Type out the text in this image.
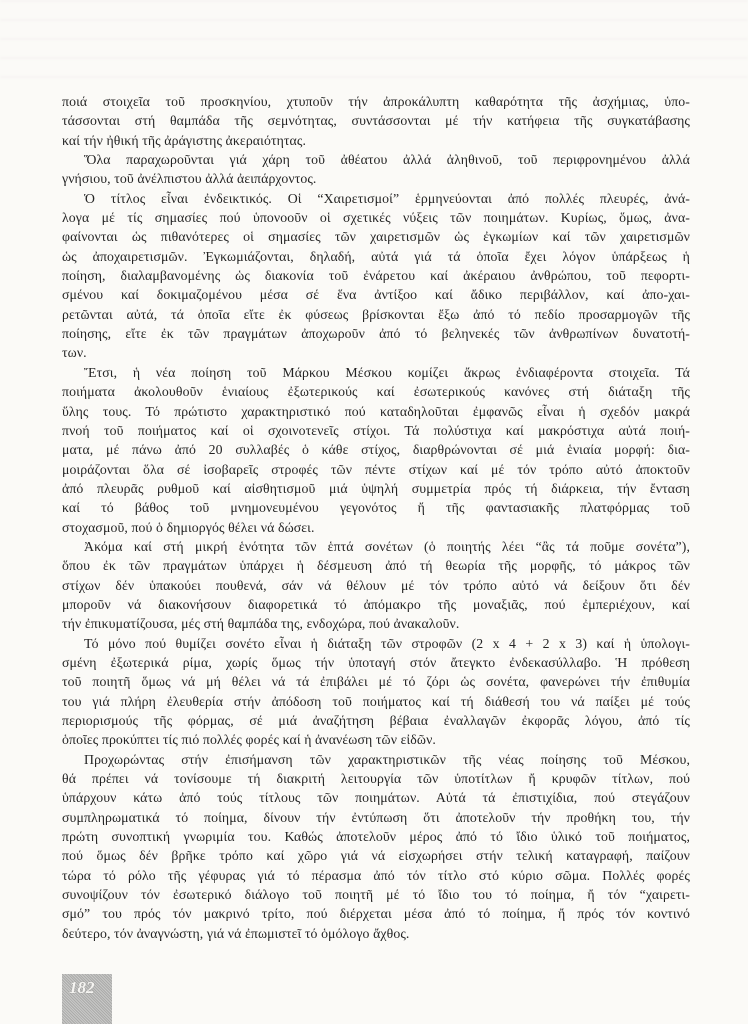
ποιά στοιχεῖα τοῦ προσκηνίου, χτυποῦν τήν ἀπροκάλυπτη καθαρότητα τῆς ἀσχήμιας, ὑπο-
τάσσονται στή θαμπάδα τῆς σεμνότητας, συντάσσονται μέ τήν κατήφεια τῆς συγκατάβασης
καί τήν ἠθική τῆς ἀράγιστης ἀκεραιότητας.
Ὅλα παραχωροῦνται γιά χάρη τοῦ ἀθέατου ἀλλά ἀληθινοῦ, τοῦ περιφρονημένου ἀλλά
γνήσιου, τοῦ ἀνέλπιστου ἀλλά ἀειπάρχοντος.
Ὁ τίτλος εἶναι ἐνδεικτικός. Οἱ “Χαιρετισμοί” ἑρμηνεύονται ἀπό πολλές πλευρές, ἀνά-
λογα μέ τίς σημασίες πού ὑπονοοῦν οἱ σχετικές νύξεις τῶν ποιημάτων. Κυρίως, ὅμως, ἀνα-
φαίνονται ὡς πιθανότερες οἱ σημασίες τῶν χαιρετισμῶν ὡς ἐγκωμίων καί τῶν χαιρετισμῶν
ὡς ἀποχαιρετισμῶν. Ἐγκωμιάζονται, δηλαδή, αὐτά γιά τά ὁποῖα ἔχει λόγον ὑπάρξεως ἡ
ποίηση, διαλαμβανομένης ὡς διακονία τοῦ ἐνάρετου καί ἀκέραιου ἀνθρώπου, τοῦ πεφορτι-
σμένου καί δοκιμαζομένου μέσα σέ ἕνα ἀντίξοο καί ἄδικο περιβάλλον, καί ἀπο-χαι-
ρετῶνται αὐτά, τά ὁποῖα εἴτε ἐκ φύσεως βρίσκονται ἔξω ἀπό τό πεδίο προσαρμογῶν τῆς
ποίησης, εἴτε ἐκ τῶν πραγμάτων ἀποχωροῦν ἀπό τό βεληνεκές τῶν ἀνθρωπίνων δυνατοτή-
των.
Ἔτσι, ἡ νέα ποίηση τοῦ Μάρκου Μέσκου κομίζει ἄκρως ἐνδιαφέροντα στοιχεῖα. Τά
ποιήματα ἀκολουθοῦν ἑνιαίους ἐξωτερικούς καί ἐσωτερικούς κανόνες στή διάταξη τῆς
ὕλης τους. Τό πρώτιστο χαρακτηριστικό πού καταδηλοῦται ἐμφανῶς εἶναι ἡ σχεδόν μακρά
πνοή τοῦ ποιήματος καί οἱ σχοινοτενεῖς στίχοι. Τά πολύστιχα καί μακρόστιχα αὐτά ποιή-
ματα, μέ πάνω ἀπό 20 συλλαβές ὁ κάθε στίχος, διαρθρώνονται σέ μιά ἑνιαία μορφή: δια-
μοιράζονται ὅλα σέ ἰσοβαρεῖς στροφές τῶν πέντε στίχων καί μέ τόν τρόπο αὐτό ἀποκτοῦν
ἀπό πλευρᾶς ρυθμοῦ καί αἰσθητισμοῦ μιά ὑψηλή συμμετρία πρός τή διάρκεια, τήν ἔνταση
καί τό βάθος τοῦ μνημονευμένου γεγονότος ἤ τῆς φαντασιακῆς πλατφόρμας τοῦ
στοχασμοῦ, πού ὁ δημιοργός θέλει νά δώσει.
Ἀκόμα καί στή μικρή ἑνότητα τῶν ἑπτά σονέτων (ὁ ποιητής λέει “ἂς τά ποῦμε σονέτα”),
ὅπου ἐκ τῶν πραγμάτων ὑπάρχει ἡ δέσμευση ἀπό τή θεωρία τῆς μορφῆς, τό μάκρος τῶν
στίχων δέν ὑπακούει πουθενά, σάν νά θέλουν μέ τόν τρόπο αὐτό νά δείξουν ὅτι δέν
μποροῦν νά διακονήσουν διαφορετικά τό ἀπόμακρο τῆς μοναξιᾶς, πού ἐμπεριέχουν, καί
τήν ἐπικυματίζουσα, μές στή θαμπάδα της, ενδοχώρα, πού ἀνακαλοῦν.
Τό μόνο πού θυμίζει σονέτο εἶναι ἡ διάταξη τῶν στροφῶν (2 x 4 + 2 x 3) καί ἡ ὑπολογι-
σμένη ἐξωτερικά ρίμα, χωρίς ὅμως τήν ὑποταγή στόν ἄτεγκτο ἐνδεκασύλλαβο. Ἡ πρόθεση
τοῦ ποιητῆ ὅμως νά μή θέλει νά τά ἐπιβάλει μέ τό ζόρι ὡς σονέτα, φανερώνει τήν ἐπιθυμία
του γιά πλήρη ἐλευθερία στήν ἀπόδοση τοῦ ποιήματος καί τή διάθεσή του νά παίξει μέ τούς
περιορισμούς τῆς φόρμας, σέ μιά ἀναζήτηση βέβαια ἐναλλαγῶν ἐκφορᾶς λόγου, ἀπό τίς
ὁποῖες προκύπτει τίς πιό πολλές φορές καί ἡ ἀνανέωση τῶν εἰδῶν.
Προχωρώντας στήν ἐπισήμανση τῶν χαρακτηριστικῶν τῆς νέας ποίησης τοῦ Μέσκου,
θά πρέπει νά τονίσουμε τή διακριτή λειτουργία τῶν ὑποτίτλων ἤ κρυφῶν τίτλων, πού
ὑπάρχουν κάτω ἀπό τούς τίτλους τῶν ποιημάτων. Αὐτά τά ἐπιστιχίδια, πού στεγάζουν
συμπληρωματικά τό ποίημα, δίνουν τήν ἐντύπωση ὅτι ἀποτελοῦν τήν προθήκη του, τήν
πρώτη συνοπτική γνωριμία του. Καθώς ἀποτελοῦν μέρος ἀπό τό ἴδιο ὑλικό τοῦ ποιήματος,
πού ὅμως δέν βρῆκε τρόπο καί χῶρο γιά νά εἰσχωρήσει στήν τελική καταγραφή, παίζουν
τώρα τό ρόλο τῆς γέφυρας γιά τό πέρασμα ἀπό τόν τίτλο στό κύριο σῶμα. Πολλές φορές
συνοψίζουν τόν ἐσωτερικό διάλογο τοῦ ποιητῆ μέ τό ἴδιο του τό ποίημα, ἤ τόν “χαιρετι-
σμό” του πρός τόν μακρινό τρίτο, πού διέρχεται μέσα ἀπό τό ποίημα, ἤ πρός τόν κοντινό
δεύτερο, τόν ἀναγνώστη, γιά νά ἐπωμιστεῖ τό ὁμόλογο ἄχθος.
182
